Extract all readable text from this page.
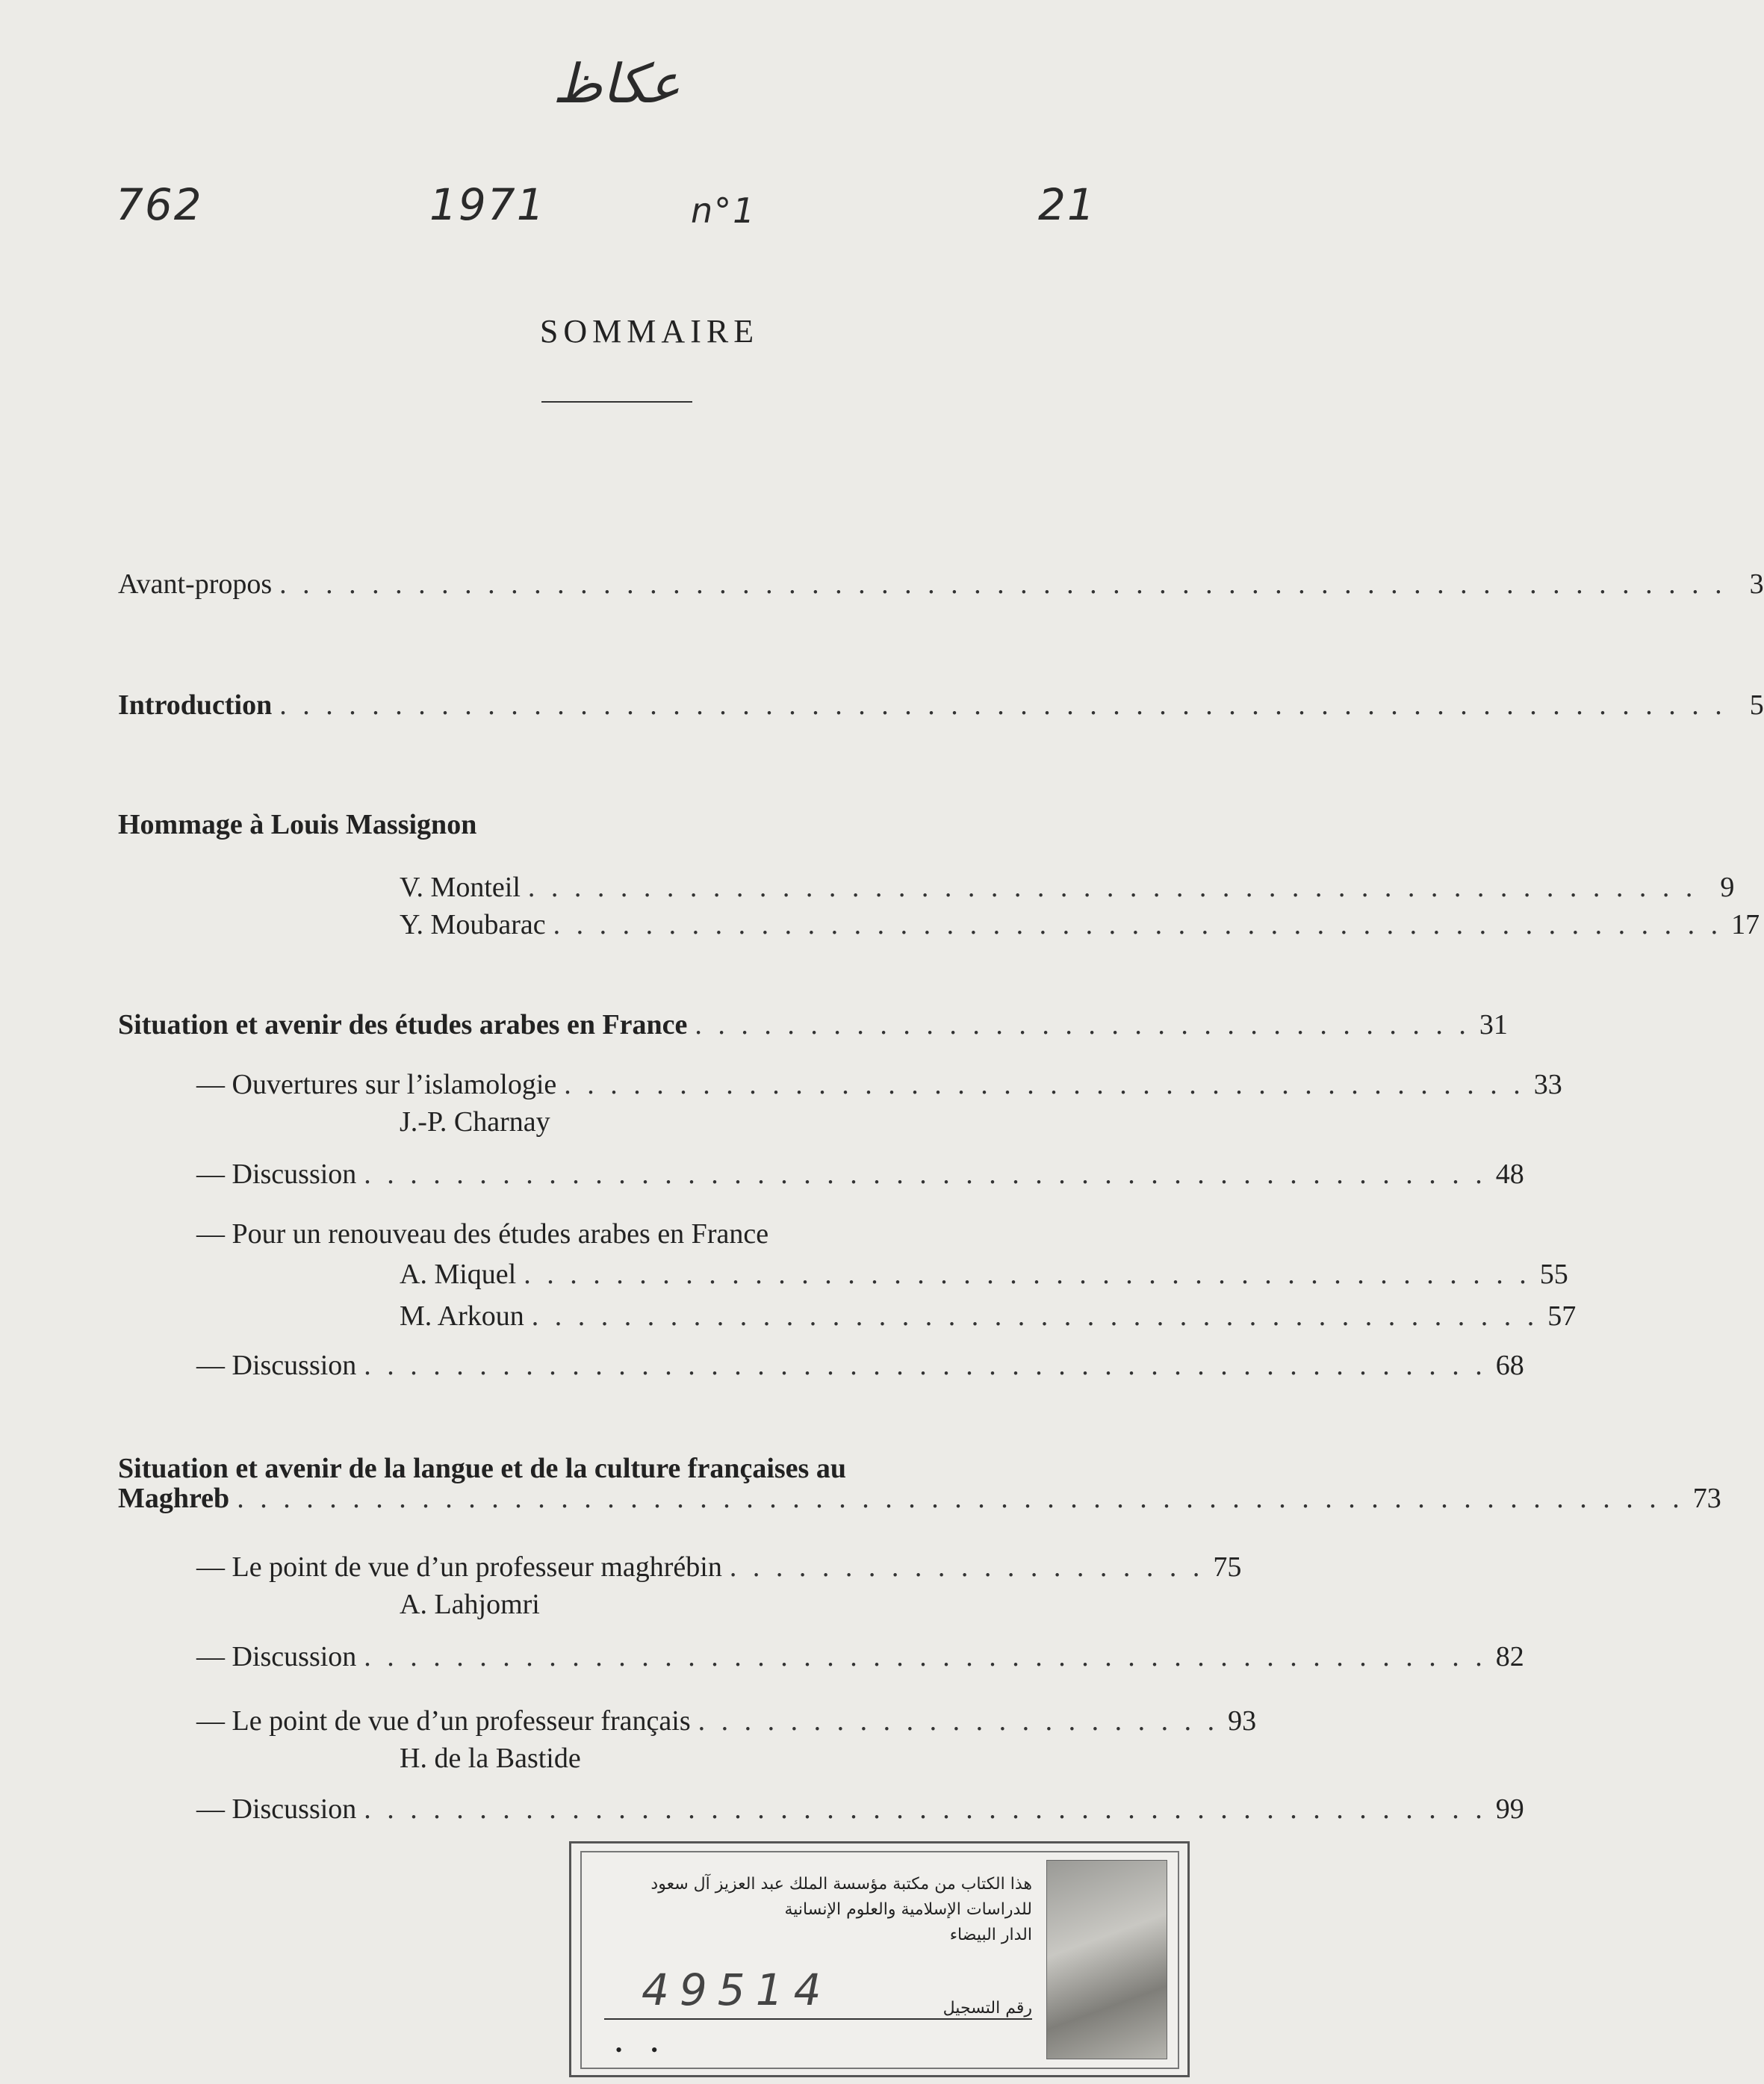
عكاظ
762	1971	n°1	21
SOMMAIRE
Avant-propos . . . . . . . . . . . . . . . . . . . . . . . . . . . . . . . . . . . . . . . . . . . . . . . . . . . . . . . . . . . . . . . 3
Introduction . . . . . . . . . . . . . . . . . . . . . . . . . . . . . . . . . . . . . . . . . . . . . . . . . . . . . . . . . . . . . . . 5
Hommage à Louis Massignon
V. Monteil . . . . . . . . . . . . . . . . . . . . . . . . . . . . . . . . . . . . . . . . . . . . . . . . . . . 9
Y. Moubarac . . . . . . . . . . . . . . . . . . . . . . . . . . . . . . . . . . . . . . . . . . . . . . . . . . . 17
Situation et avenir des études arabes en France . . . . . . . . . . . . . . . . . . . . . . . . . . . . . . . . . . 31
— Ouvertures sur l’islamologie . . . . . . . . . . . . . . . . . . . . . . . . . . . . . . . . . . . . . . . . . . 33
J.-P. Charnay
— Discussion . . . . . . . . . . . . . . . . . . . . . . . . . . . . . . . . . . . . . . . . . . . . . . . . . 48
— Pour un renouveau des études arabes en France
A. Miquel . . . . . . . . . . . . . . . . . . . . . . . . . . . . . . . . . . . . . . . . . . . . 55
M. Arkoun . . . . . . . . . . . . . . . . . . . . . . . . . . . . . . . . . . . . . . . . . . . . 57
— Discussion . . . . . . . . . . . . . . . . . . . . . . . . . . . . . . . . . . . . . . . . . . . . . . . . . 68
Situation et avenir de la langue et de la culture françaises au
Maghreb . . . . . . . . . . . . . . . . . . . . . . . . . . . . . . . . . . . . . . . . . . . . . . . . . . . . . . . . . . . . . . . 73
— Le point de vue d’un professeur maghrébin . . . . . . . . . . . . . . . . . . . . . 75
A. Lahjomri
— Discussion . . . . . . . . . . . . . . . . . . . . . . . . . . . . . . . . . . . . . . . . . . . . . . . . . 82
— Le point de vue d’un professeur français . . . . . . . . . . . . . . . . . . . . . . . 93
H. de la Bastide
— Discussion . . . . . . . . . . . . . . . . . . . . . . . . . . . . . . . . . . . . . . . . . . . . . . . . . 99
هذا الكتاب من مكتبة مؤسسة الملك عبد العزيز آل سعود
للدراسات الإسلامية والعلوم الإنسانية
الدار البيضاء
49514	رقم التسجيل
• •
